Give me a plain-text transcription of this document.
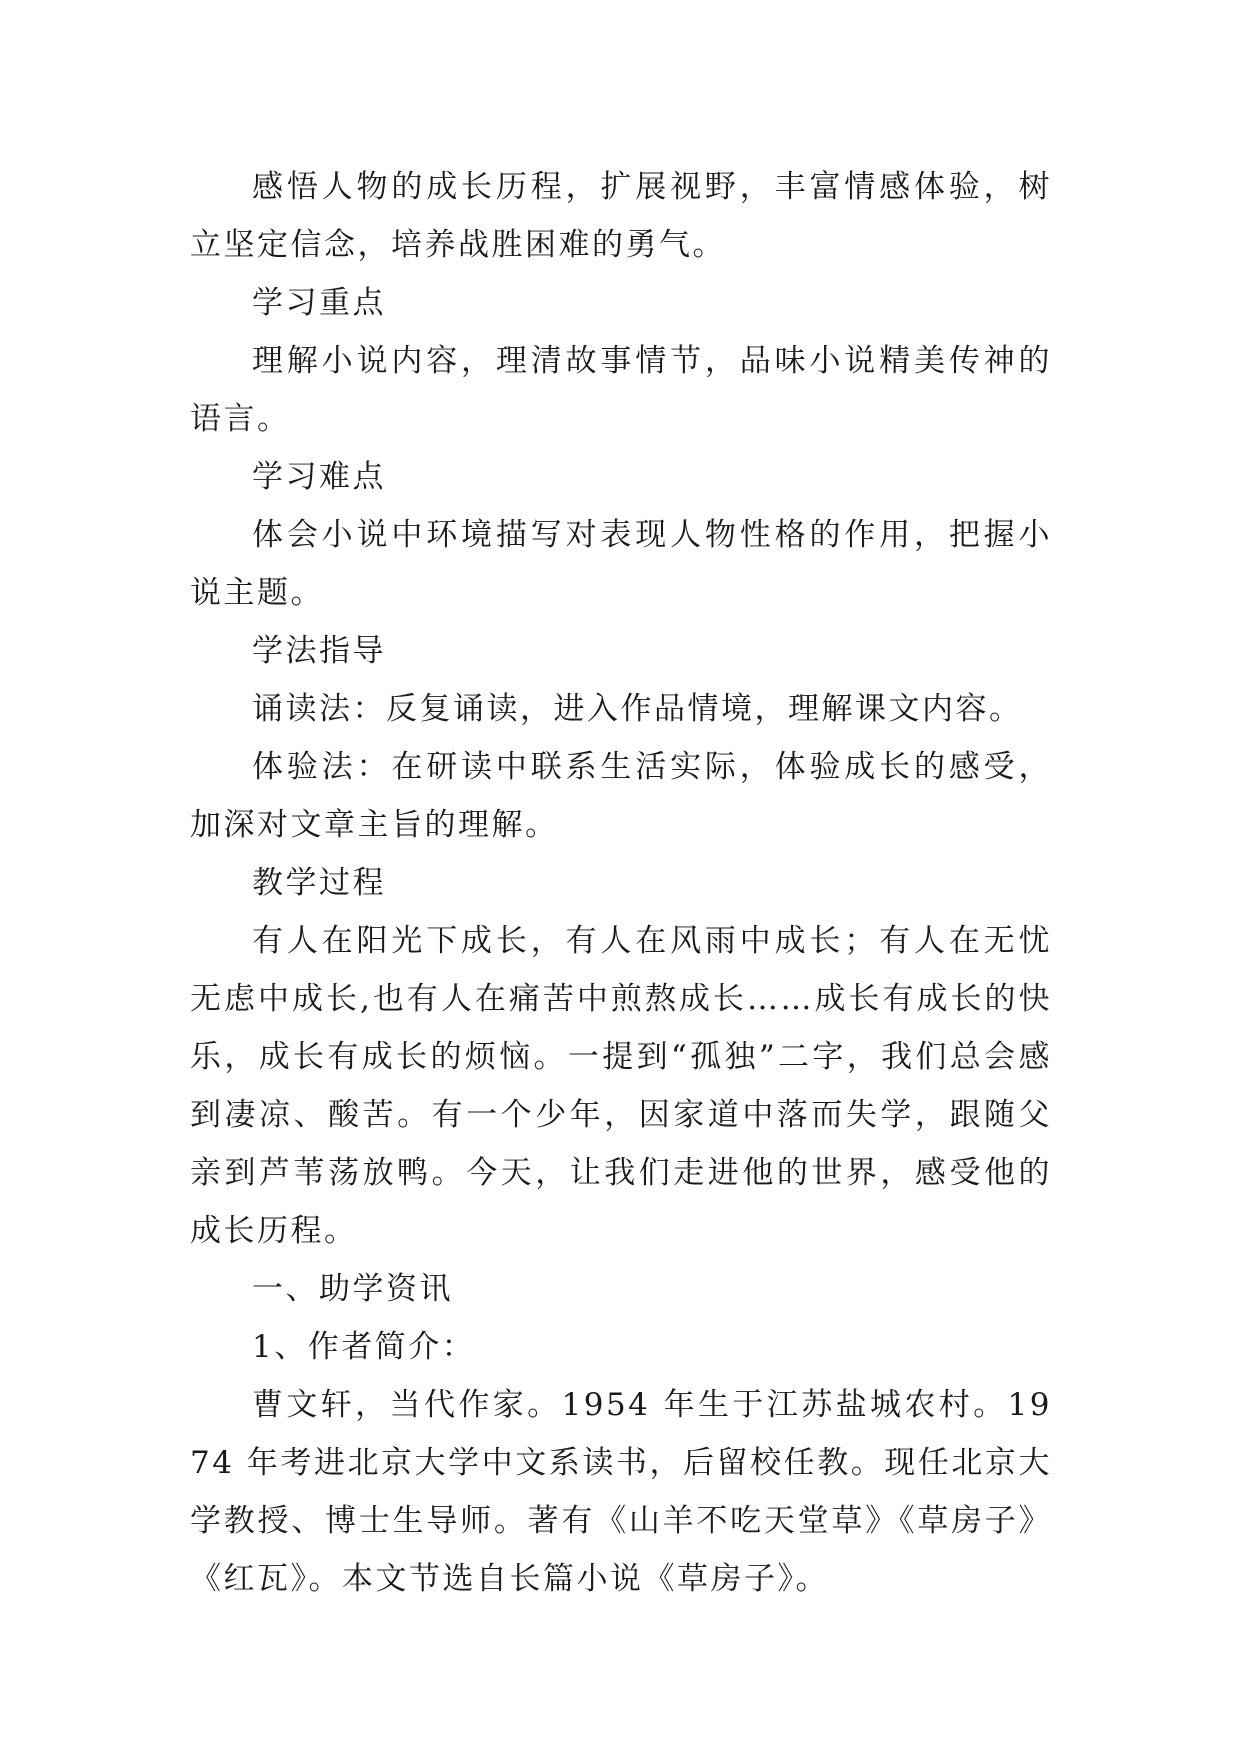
感悟人物的成长历程，扩展视野，丰富情感体验，树立坚定信念，培养战胜困难的勇气。

学习重点

理解小说内容，理清故事情节，品味小说精美传神的语言。

学习难点

体会小说中环境描写对表现人物性格的作用，把握小说主题。

学法指导

诵读法：反复诵读，进入作品情境，理解课文内容。

体验法：在研读中联系生活实际，体验成长的感受，加深对文章主旨的理解。

教学过程

有人在阳光下成长，有人在风雨中成长；有人在无忧无虑中成长,也有人在痛苦中煎熬成长……成长有成长的快乐，成长有成长的烦恼。一提到“孤独”二字，我们总会感到凄凉、酸苦。有一个少年，因家道中落而失学，跟随父亲到芦苇荡放鸭。今天，让我们走进他的世界，感受他的成长历程。

一、助学资讯

1、作者简介：

曹文轩，当代作家。1954 年生于江苏盐城农村。1974 年考进北京大学中文系读书，后留校任教。现任北京大学教授、博士生导师。著有《山羊不吃天堂草》《草房子》《红瓦》。本文节选自长篇小说《草房子》。
